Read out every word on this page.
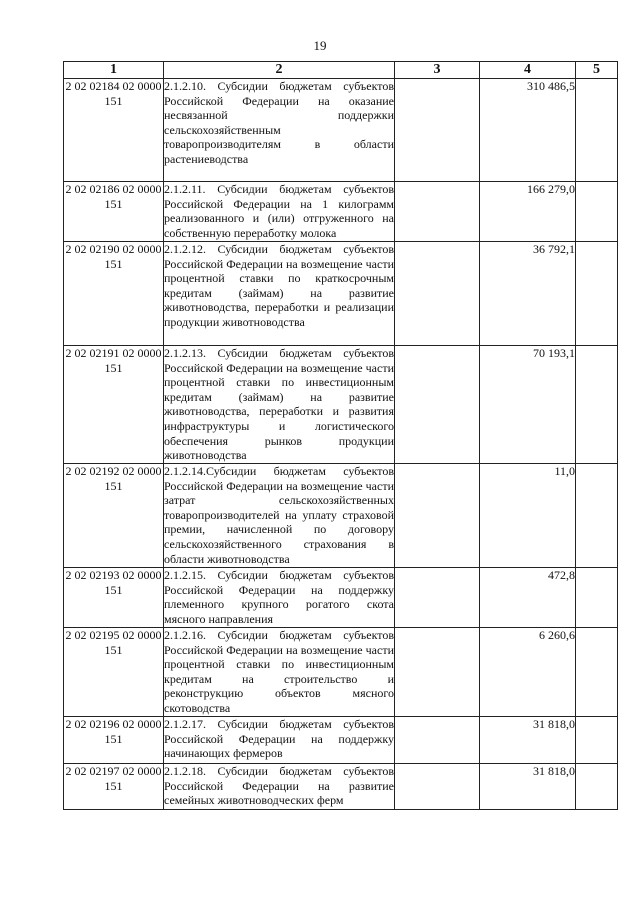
19
1	2	3	4	5
2 02 02184 02 0000 151	2.1.2.10. Субсидии бюджетам субъектов Российской Федерации на оказание несвязанной поддержки сельскохозяйственным товаропроизводителям в области растениеводства		310 486,5	
2 02 02186 02 0000 151	2.1.2.11. Субсидии бюджетам субъектов Российской Федерации на 1 килограмм реализованного и (или) отгруженного на собственную переработку молока		166 279,0	
2 02 02190 02 0000 151	2.1.2.12. Субсидии бюджетам субъектов Российской Федерации на возмещение части процентной ставки по краткосрочным кредитам (займам) на развитие животноводства, переработки и реализации продукции животноводства		36 792,1	
2 02 02191 02 0000 151	2.1.2.13. Субсидии бюджетам субъектов Российской Федерации на возмещение части процентной ставки по инвестиционным кредитам (займам) на развитие животноводства, переработки и развития инфраструктуры и логистического обеспечения рынков продукции животноводства		70 193,1	
2 02 02192 02 0000 151	2.1.2.14.Субсидии бюджетам субъектов Российской Федерации на возмещение части затрат сельскохозяйственных товаропроизводителей на уплату страховой премии, начисленной по договору сельскохозяйственного страхования в области животноводства		11,0	
2 02 02193 02 0000 151	2.1.2.15. Субсидии бюджетам субъектов Российской Федерации на поддержку племенного крупного рогатого скота мясного направления		472,8	
2 02 02195 02 0000 151	2.1.2.16. Субсидии бюджетам субъектов Российской Федерации на возмещение части процентной ставки по инвестиционным кредитам на строительство и реконструкцию объектов мясного скотоводства		6 260,6	
2 02 02196 02 0000 151	2.1.2.17. Субсидии бюджетам субъектов Российской Федерации на поддержку начинающих фермеров		31 818,0	
2 02 02197 02 0000 151	2.1.2.18. Субсидии бюджетам субъектов Российской Федерации на развитие семейных животноводческих ферм		31 818,0	
